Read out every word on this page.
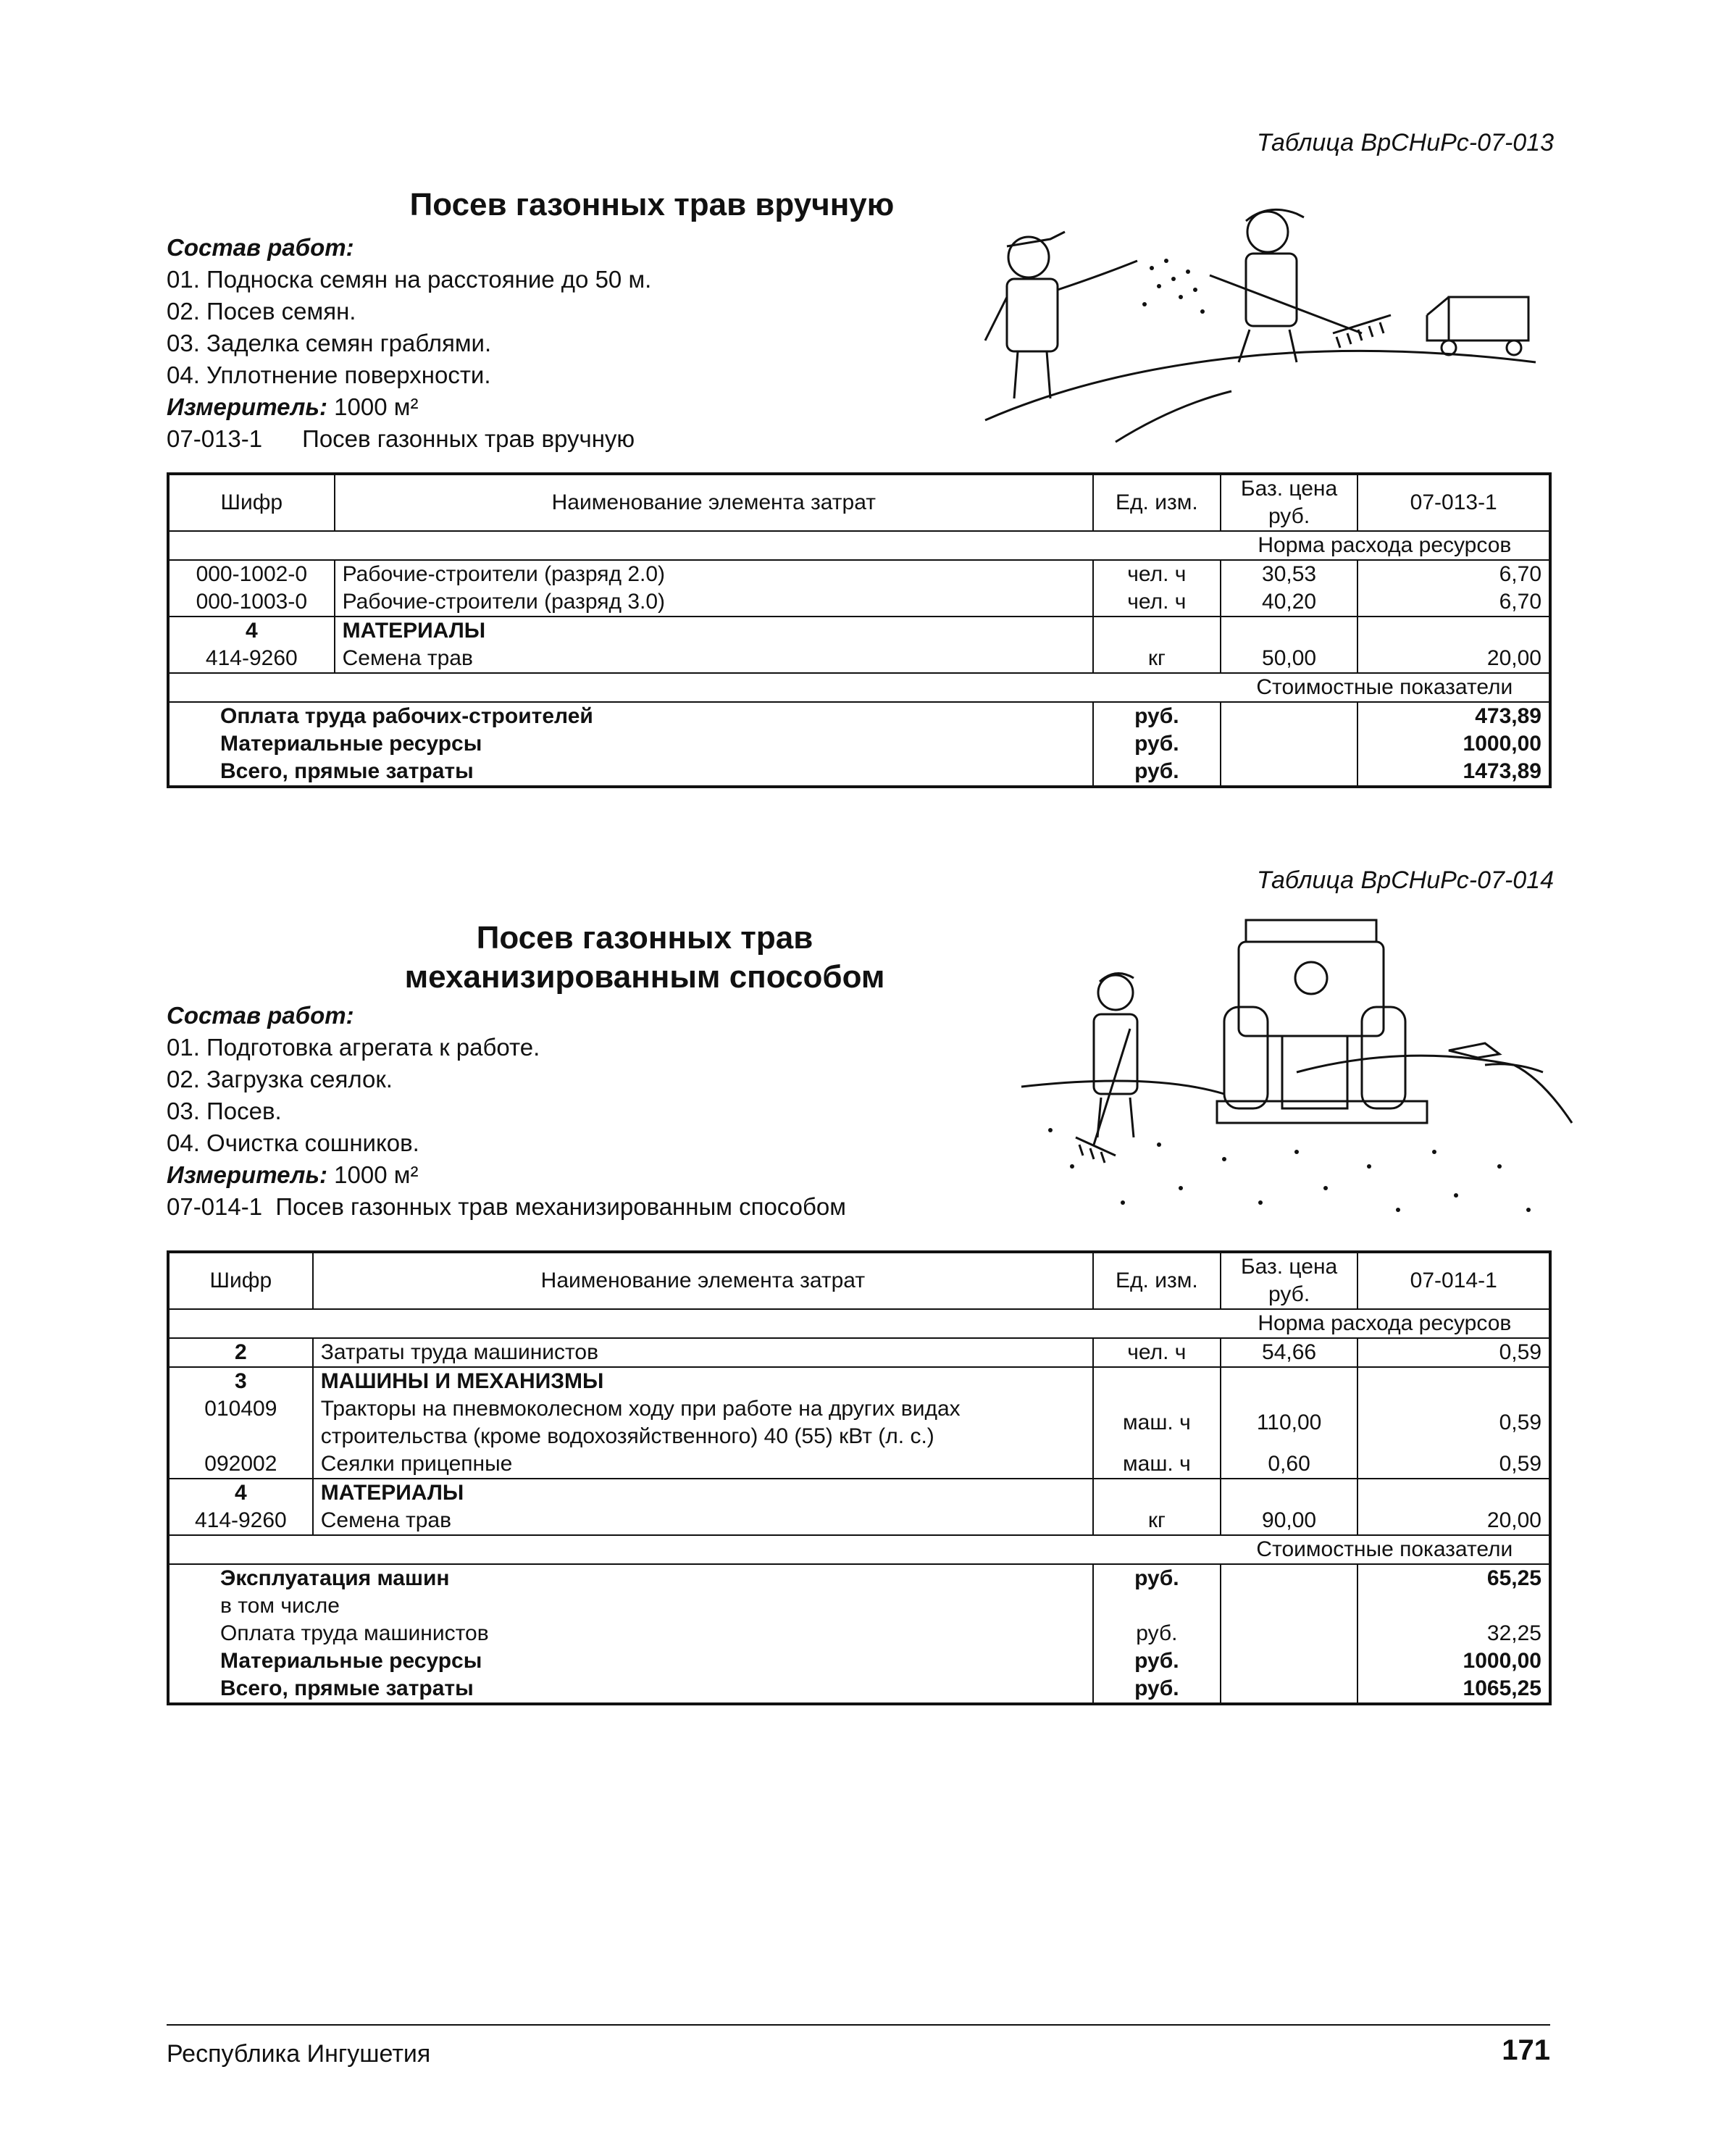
Таблица ВрСНиРс-07-013
Посев газонных трав вручную
Состав работ:
01. Подноска семян на расстояние до 50 м.
02. Посев семян.
03. Заделка семян граблями.
04. Уплотнение поверхности.
Измеритель: 1000 м²
07-013-1      Посев газонных трав вручную
Шифр	Наименование элемента затрат	Ед. изм.	Баз. цена руб.	07-013-1
			Норма расхода ресурсов	
000-1002-0	Рабочие-строители (разряд 2.0)	чел. ч	30,53	6,70
000-1003-0	Рабочие-строители (разряд 3.0)	чел. ч	40,20	6,70
4	МАТЕРИАЛЫ			
414-9260	Семена трав	кг	50,00	20,00
			Стоимостные показатели	
Оплата труда рабочих-строителей		руб.		473,89
Материальные ресурсы		руб.		1000,00
Всего, прямые затраты		руб.		1473,89
Таблица ВрСНиРс-07-014
Посев газонных трав
механизированным способом
Состав работ:
01. Подготовка агрегата к работе.
02. Загрузка сеялок.
03. Посев.
04. Очистка сошников.
Измеритель: 1000 м²
07-014-1  Посев газонных трав механизированным способом
Шифр	Наименование элемента затрат	Ед. изм.	Баз. цена руб.	07-014-1
			Норма расхода ресурсов	
2	Затраты труда машинистов	чел. ч	54,66	0,59
3	МАШИНЫ И МЕХАНИЗМЫ			
010409	Тракторы на пневмоколесном ходу при работе на других видах строительства (кроме водохозяйственного) 40 (55) кВт (л. с.)	маш. ч	110,00	0,59
092002	Сеялки прицепные	маш. ч	0,60	0,59
4	МАТЕРИАЛЫ			
414-9260	Семена трав	кг	90,00	20,00
			Стоимостные показатели	
Эксплуатация машин		руб.		65,25
в том числе				
Оплата труда машинистов		руб.		32,25
Материальные ресурсы		руб.		1000,00
Всего, прямые затраты		руб.		1065,25
Республика Ингушетия	171
